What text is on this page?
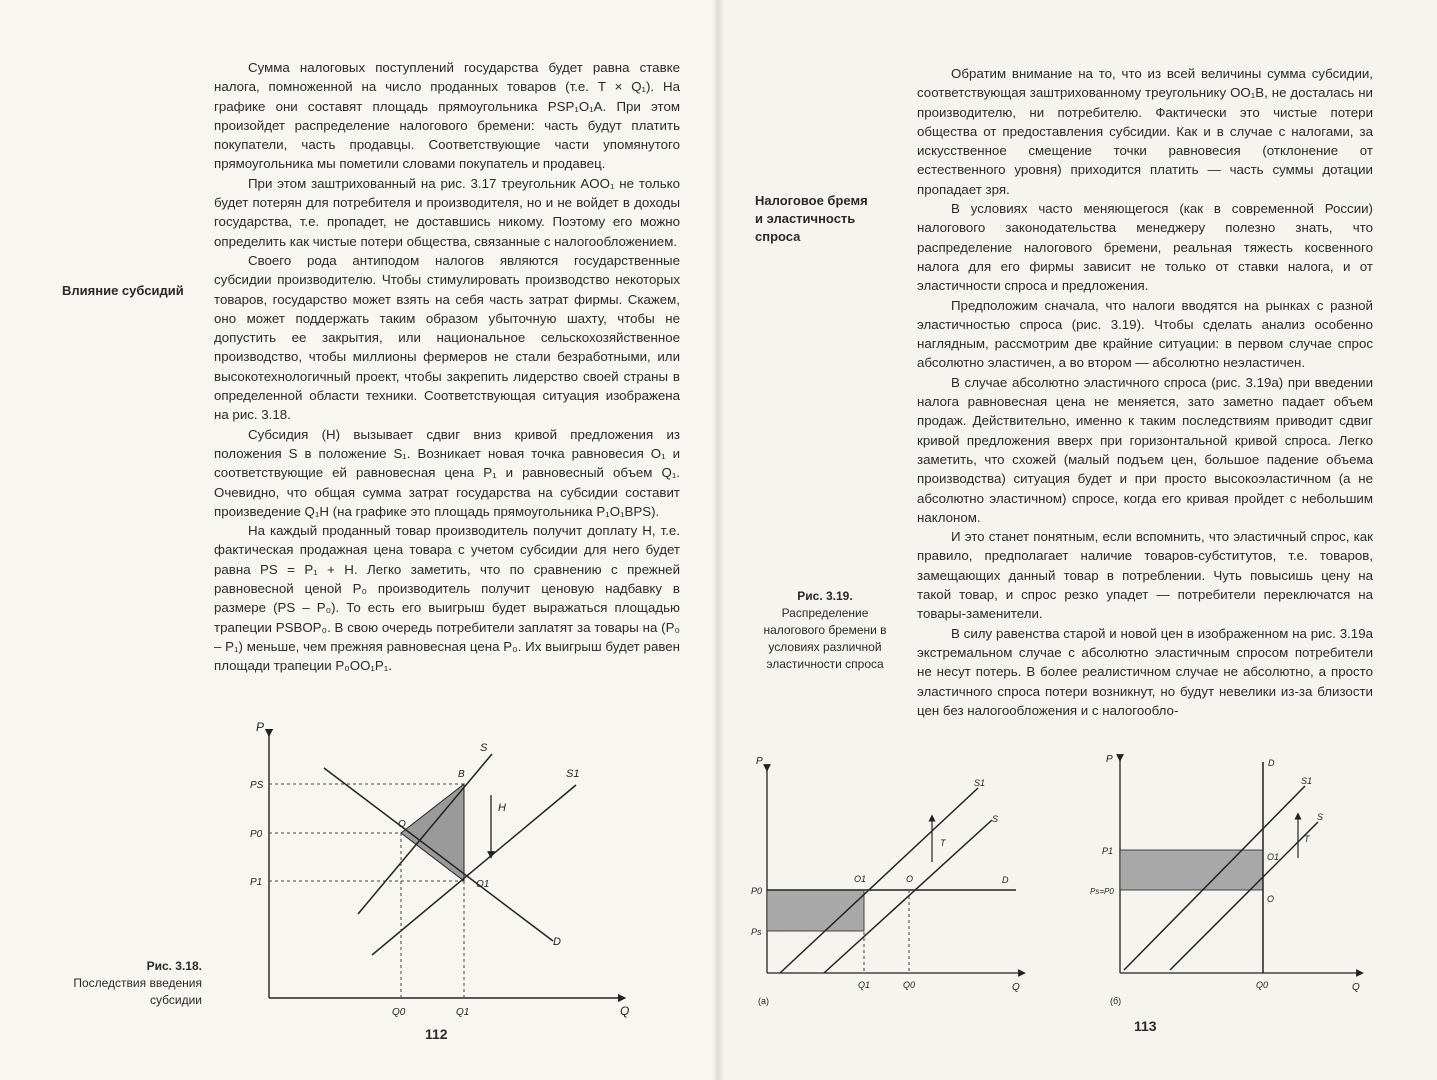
Сумма налоговых поступлений государства будет равна ставке налога, помноженной на число проданных товаров (т.е. T × Q₁). На графике они составят площадь прямоугольника PSP₁O₁A. При этом произойдет распределение налогового бремени: часть будут платить покупатели, часть продавцы. Соответствующие части упомянутого прямоугольника мы пометили словами покупатель и продавец.

При этом заштрихованный на рис. 3.17 треугольник AOO₁ не только будет потерян для потребителя и производителя, но и не войдет в доходы государства, т.е. пропадет, не доставшись никому. Поэтому его можно определить как чистые потери общества, связанные с налогообложением.

Своего рода антиподом налогов являются государственные субсидии производителю. Чтобы стимулировать производство некоторых товаров, государство может взять на себя часть затрат фирмы. Скажем, оно может поддержать таким образом убыточную шахту, чтобы не допустить ее закрытия, или национальное сельскохозяйственное производство, чтобы миллионы фермеров не стали безработными, или высокотехнологичный проект, чтобы закрепить лидерство своей страны в определенной области техники. Соответствующая ситуация изображена на рис. 3.18.

Субсидия (H) вызывает сдвиг вниз кривой предложения из положения S в положение S₁. Возникает новая точка равновесия O₁ и соответствующие ей равновесная цена P₁ и равновесный объем Q₁. Очевидно, что общая сумма затрат государства на субсидии составит произведение Q₁H (на графике это площадь прямоугольника P₁O₁BPS).

На каждый проданный товар производитель получит доплату H, т.е. фактическая продажная цена товара с учетом субсидии для него будет равна PS = P₁ + H. Легко заметить, что по сравнению с прежней равновесной ценой P₀ производитель получит ценовую надбавку в размере (PS – P₀). То есть его выигрыш будет выражаться площадью трапеции PSBOP₀. В свою очередь потребители заплатят за товары на (P₀ – P₁) меньше, чем прежняя равновесная цена P₀. Их выигрыш будет равен площади трапеции P₀OO₁P₁.

Влияние субсидий
P
Q
PS
P0
P1
Q0	Q1
S
S1
D
B
O
O1
H
Рис. 3.18.
Последствия введения субсидии
112

Обратим внимание на то, что из всей величины сумма субсидии, соответствующая заштрихованному треугольнику OO₁B, не досталась ни производителю, ни потребителю. Фактически это чистые потери общества от предоставления субсидии. Как и в случае с налогами, за искусственное смещение точки равновесия (отклонение от естественного уровня) приходится платить — часть суммы дотации пропадает зря.

В условиях часто меняющегося (как в современной России) налогового законодательства менеджеру полезно знать, что распределение налогового бремени, реальная тяжесть косвенного налога для его фирмы зависит не только от ставки налога, и от эластичности спроса и предложения.

Предположим сначала, что налоги вводятся на рынках с разной эластичностью спроса (рис. 3.19). Чтобы сделать анализ особенно наглядным, рассмотрим две крайние ситуации: в первом случае спрос абсолютно эластичен, а во втором — абсолютно неэластичен.

В случае абсолютно эластичного спроса (рис. 3.19а) при введении налога равновесная цена не меняется, зато заметно падает объем продаж. Действительно, именно к таким последствиям приводит сдвиг кривой предложения вверх при горизонтальной кривой спроса. Легко заметить, что схожей (малый подъем цен, большое падение объема производства) ситуация будет и при просто высокоэластичном (а не абсолютно эластичном) спросе, когда его кривая пройдет с небольшим наклоном.

И это станет понятным, если вспомнить, что эластичный спрос, как правило, предполагает наличие товаров-субститутов, т.е. товаров, замещающих данный товар в потреблении. Чуть повысишь цену на такой товар, и спрос резко упадет — потребители переключатся на товары-заменители.

В силу равенства старой и новой цен в изображенном на рис. 3.19а экстремальном случае с абсолютно эластичным спросом потребители не несут потерь. В более реалистичном случае не абсолютно, а просто эластичного спроса потери возникнут, но будут невелики из-за близости цен без налогообложения и с налогообло-

Налоговое бремя и эластичность спроса
Рис. 3.19.
Распределение налогового бремени в условиях различной эластичности спроса
P
Q
P0
Ps
Q1	Q0
S1
S
D
O1	O
T
(a)
P
Q
P1
Ps=P0
Q0
D
S1
S
O1
O
T
(б)
113
